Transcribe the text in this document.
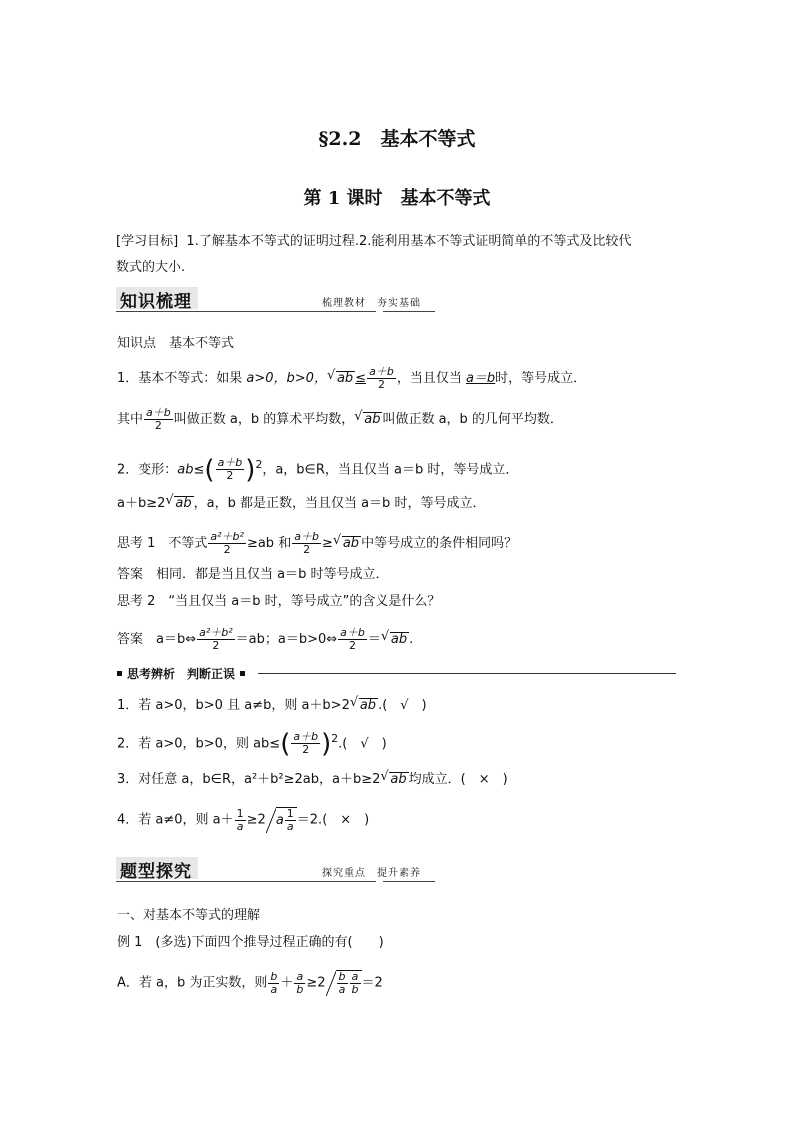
§2.2　基本不等式
第 1 课时　基本不等式
[学习目标] 1.了解基本不等式的证明过程.2.能利用基本不等式证明简单的不等式及比较代
数式的大小.
知识梳理	梳理教材　夯实基础
知识点　基本不等式
1．基本不等式：如果 a>0，b>0， √ ab ≤ $\frac{a+b}{2}$ ，当且仅当 a＝b时，等号成立．
其中 $\frac{a+b}{2}$ 叫做正数 a，b 的算术平均数， √ ab 叫做正数 a，b 的几何平均数．
2．变形：$ab\le( \frac{a+b}{2} )^2$，a，b∈R，当且仅当 a＝b 时，等号成立．
a＋b≥2 √ ab ，a，b 都是正数，当且仅当 a＝b 时，等号成立．
思考 1　不等式 $\frac{\text{a²＋b²}}{2} \ge ab$ 和 $\frac{a+b}{2}$ ≥ √ ab 中等号成立的条件相同吗？
答案　相同．都是当且仅当 a＝b 时等号成立．
思考 2　“当且仅当 a＝b 时，等号成立”的含义是什么？
答案　a＝b⇔ $\frac{\text{a²＋b²}}{2} =ab$；a＝b>0⇔ $\frac{a+b}{2}$ ＝ √ ab .
思考辨析　判断正误
1．若 a>0，b>0 且 a≠b，则 a＋b>2 √ ab .(　√　)
2．若 a>0，b>0，则 $ab\le( \frac{a+b}{2} )^2$.(　√　)
3．对任意 a，b∈R，a²＋b²≥2ab，a＋b≥2 √ ab 均成立．(　×　)
4．若 a≠0，则 $a+ \frac{1}{a} \ge 2$ a $\frac{1}{a} =2$.(　×　)
题型探究	探究重点　提升素养
一、对基本不等式的理解
例 1　(多选)下面四个推导过程正确的有(　　)
A．若 a，b 为正实数，则 $\frac{b}{a} + \frac{a}{b} \ge 2 \frac{b}{a} \frac{a}{b} =2$
